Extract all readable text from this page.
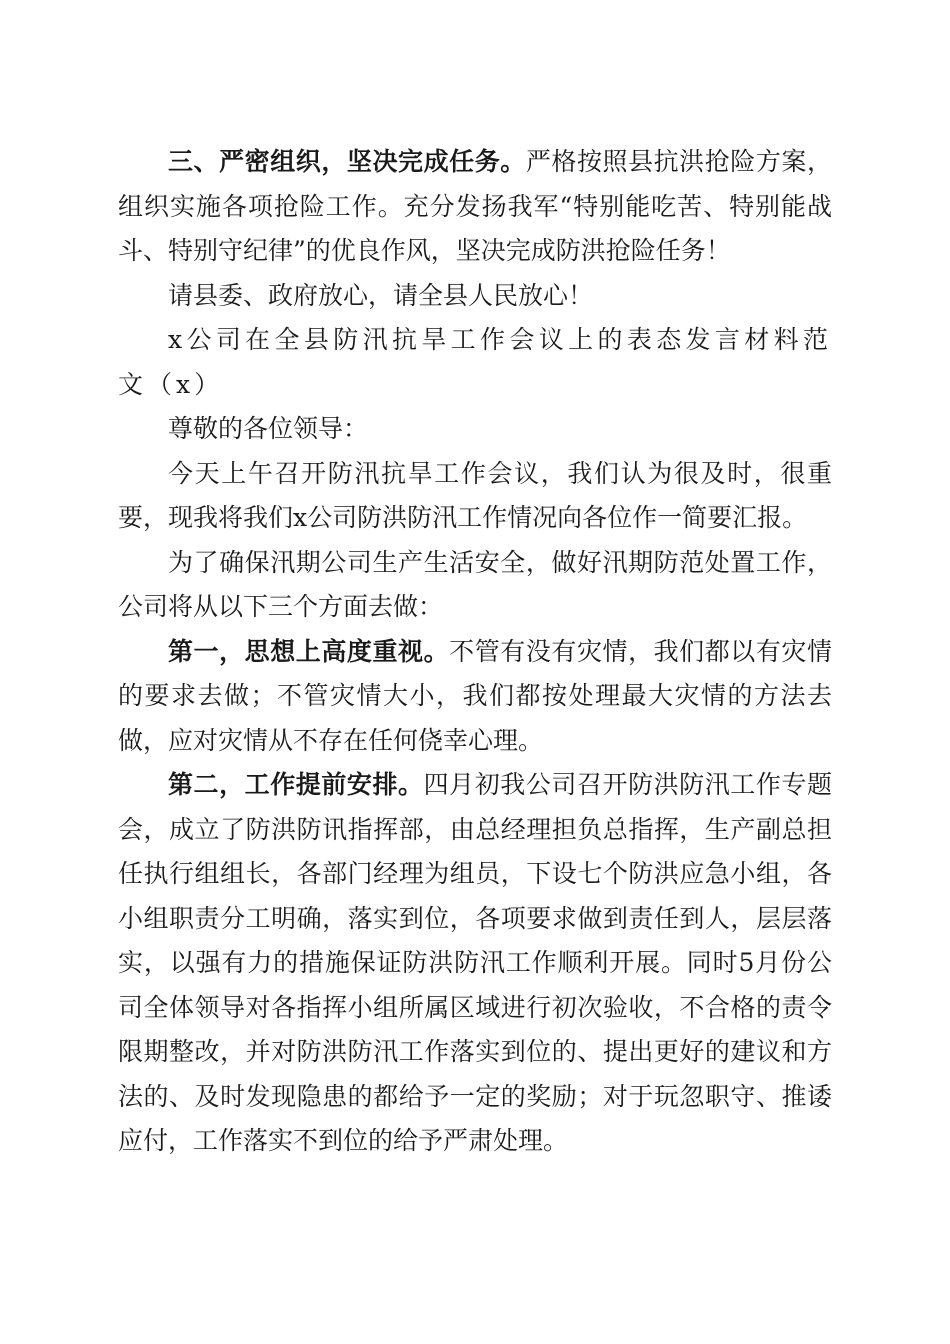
三、严密组织，坚决完成任务。严格按照县抗洪抢险方案，组织实施各项抢险工作。充分发扬我军“特别能吃苦、特别能战斗、特别守纪律”的优良作风，坚决完成防洪抢险任务！

请县委、政府放心，请全县人民放心！

x公司在全县防汛抗旱工作会议上的表态发言材料范文（x）

尊敬的各位领导：

今天上午召开防汛抗旱工作会议，我们认为很及时，很重要，现我将我们x公司防洪防汛工作情况向各位作一简要汇报。

为了确保汛期公司生产生活安全，做好汛期防范处置工作，公司将从以下三个方面去做：

第一，思想上高度重视。不管有没有灾情，我们都以有灾情的要求去做；不管灾情大小，我们都按处理最大灾情的方法去做，应对灾情从不存在任何侥幸心理。

第二，工作提前安排。四月初我公司召开防洪防汛工作专题会，成立了防洪防讯指挥部，由总经理担负总指挥，生产副总担任执行组组长，各部门经理为组员，下设七个防洪应急小组，各小组职责分工明确，落实到位，各项要求做到责任到人，层层落实，以强有力的措施保证防洪防汛工作顺利开展。同时5月份公司全体领导对各指挥小组所属区域进行初次验收，不合格的责令限期整改，并对防洪防汛工作落实到位的、提出更好的建议和方法的、及时发现隐患的都给予一定的奖励；对于玩忽职守、推诿应付，工作落实不到位的给予严肃处理。
